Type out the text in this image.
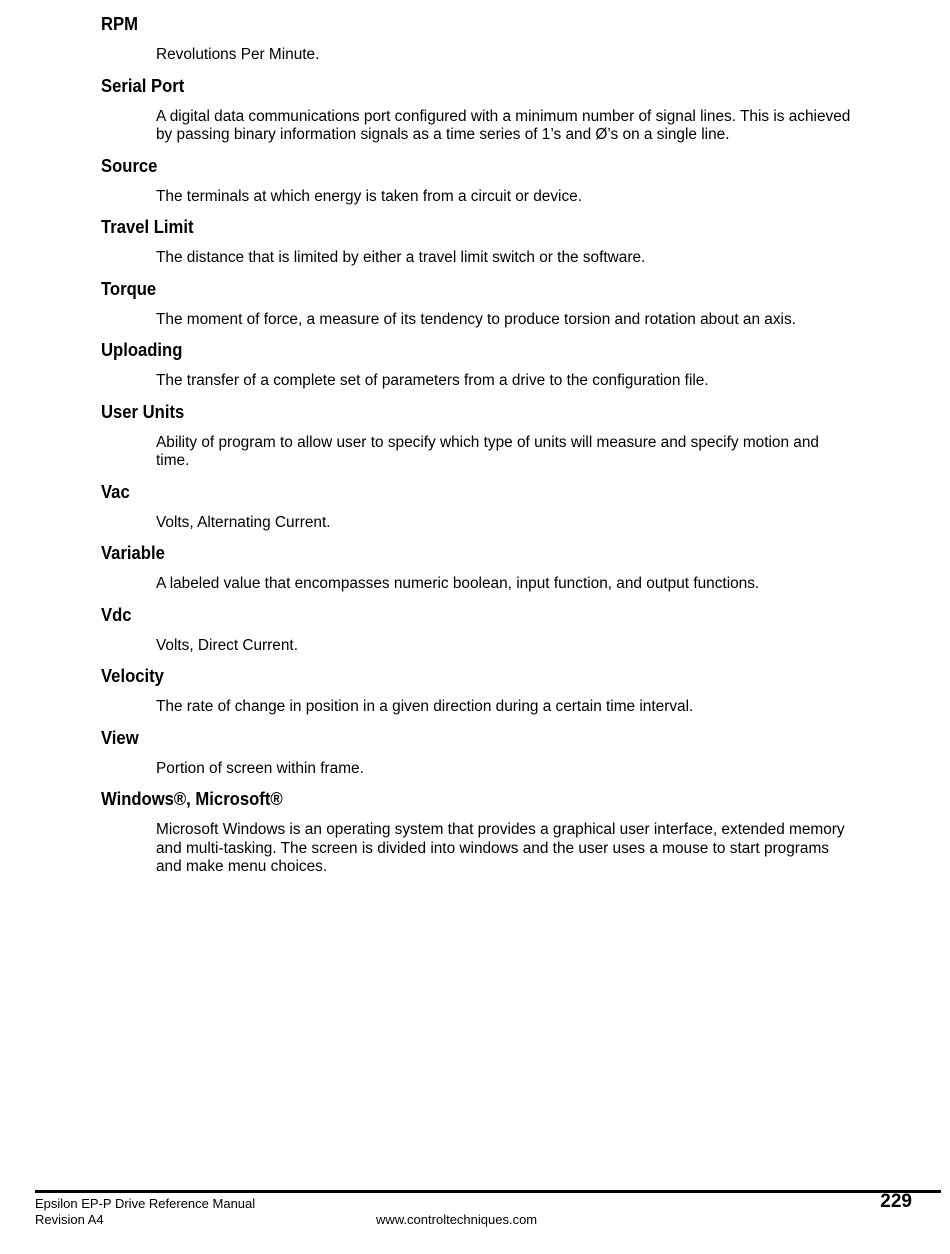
RPM
Revolutions Per Minute.
Serial Port
A digital data communications port configured with a minimum number of signal lines. This is achieved by passing binary information signals as a time series of 1’s and Ø’s on a single line.
Source
The terminals at which energy is taken from a circuit or device.
Travel Limit
The distance that is limited by either a travel limit switch or the software.
Torque
The moment of force, a measure of its tendency to produce torsion and rotation about an axis.
Uploading
The transfer of a complete set of parameters from a drive to the configuration file.
User Units
Ability of program to allow user to specify which type of units will measure and specify motion and time.
Vac
Volts, Alternating Current.
Variable
A labeled value that encompasses numeric boolean, input function, and output functions.
Vdc
Volts, Direct Current.
Velocity
The rate of change in position in a given direction during a certain time interval.
View
Portion of screen within frame.
Windows®, Microsoft®
Microsoft Windows is an operating system that provides a graphical user interface, extended memory and multi-tasking. The screen is divided into windows and the user uses a mouse to start programs and make menu choices.
Epsilon EP-P Drive Reference Manual
Revision A4	www.controltechniques.com
229
